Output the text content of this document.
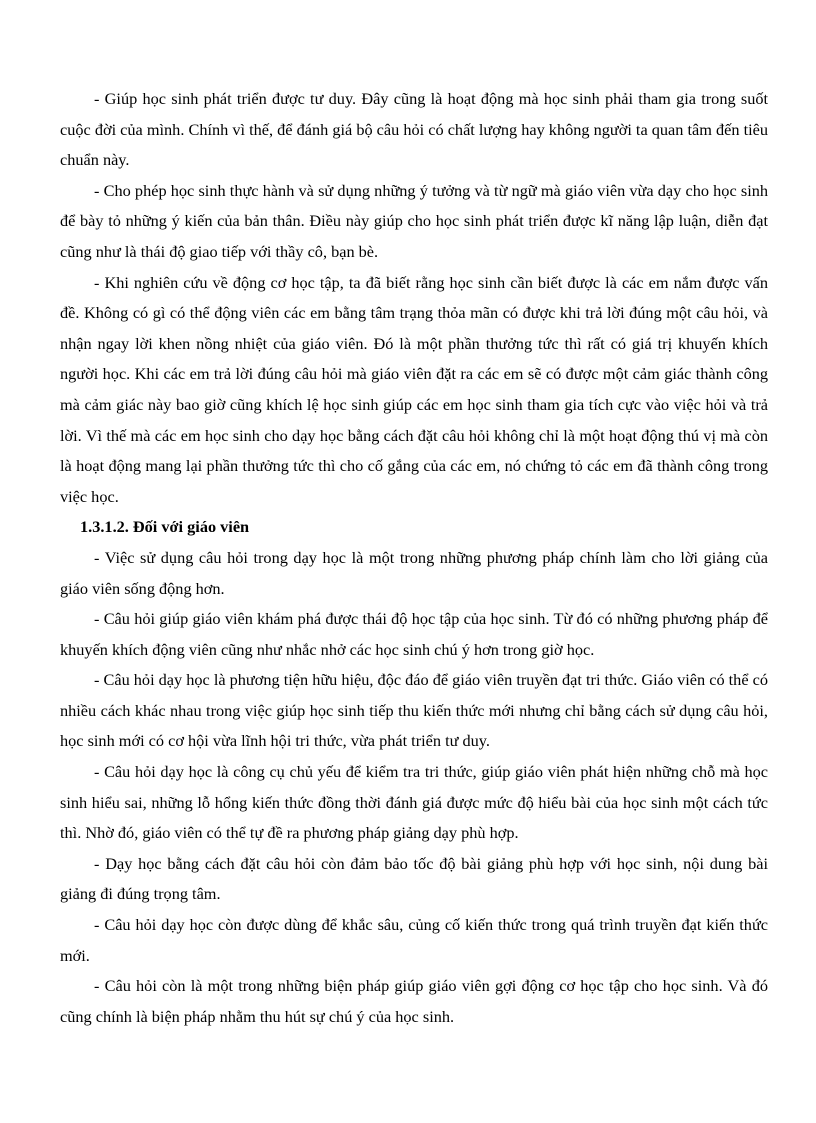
- Giúp học sinh phát triển được tư duy. Đây cũng là hoạt động mà học sinh phải tham gia trong suốt cuộc đời của mình. Chính vì thế, để đánh giá bộ câu hỏi có chất lượng hay không người ta quan tâm đến tiêu chuẩn này.

- Cho phép học sinh thực hành và sử dụng những ý tưởng và từ ngữ mà giáo viên vừa dạy cho học sinh để bày tỏ những ý kiến của bản thân. Điều này giúp cho học sinh phát triển được kĩ năng lập luận, diễn đạt cũng như là thái độ giao tiếp với thầy cô, bạn bè.

- Khi nghiên cứu về động cơ học tập, ta đã biết rằng học sinh cần biết được là các em nắm được vấn đề. Không có gì có thể động viên các em bằng tâm trạng thỏa mãn có được khi trả lời đúng một câu hỏi, và nhận ngay lời khen nồng nhiệt của giáo viên. Đó là một phần thưởng tức thì rất có giá trị khuyến khích người học. Khi các em trả lời đúng câu hỏi mà giáo viên đặt ra các em sẽ có được một cảm giác thành công mà cảm giác này bao giờ cũng khích lệ học sinh giúp các em học sinh tham gia tích cực vào việc hỏi và trả lời. Vì thế mà các em học sinh cho dạy học bằng cách đặt câu hỏi không chỉ là một hoạt động thú vị mà còn là hoạt động mang lại phần thưởng tức thì cho cố gắng của các em, nó chứng tỏ các em đã thành công trong việc học.

1.3.1.2. Đối với giáo viên

- Việc sử dụng câu hỏi trong dạy học là một trong những phương pháp chính làm cho lời giảng của giáo viên sống động hơn.

- Câu hỏi giúp giáo viên khám phá được thái độ học tập của học sinh. Từ đó có những phương pháp để khuyến khích động viên cũng như nhắc nhở các học sinh chú ý hơn trong giờ học.

- Câu hỏi dạy học là phương tiện hữu hiệu, độc đáo để giáo viên truyền đạt tri thức. Giáo viên có thể có nhiều cách khác nhau trong việc giúp học sinh tiếp thu kiến thức mới nhưng chỉ bằng cách sử dụng câu hỏi, học sinh mới có cơ hội vừa lĩnh hội tri thức, vừa phát triển tư duy.

- Câu hỏi dạy học là công cụ chủ yếu để kiểm tra tri thức, giúp giáo viên phát hiện những chỗ mà học sinh hiểu sai, những lỗ hổng kiến thức đồng thời đánh giá được mức độ hiểu bài của học sinh một cách tức thì. Nhờ đó, giáo viên có thể tự đề ra phương pháp giảng dạy phù hợp.

- Dạy học bằng cách đặt câu hỏi còn đảm bảo tốc độ bài giảng phù hợp với học sinh, nội dung bài giảng đi đúng trọng tâm.

- Câu hỏi dạy học còn được dùng để khắc sâu, củng cố kiến thức trong quá trình truyền đạt kiến thức mới.

- Câu hỏi còn là một trong những biện pháp giúp giáo viên gợi động cơ học tập cho học sinh. Và đó cũng chính là biện pháp nhằm thu hút sự chú ý của học sinh.
